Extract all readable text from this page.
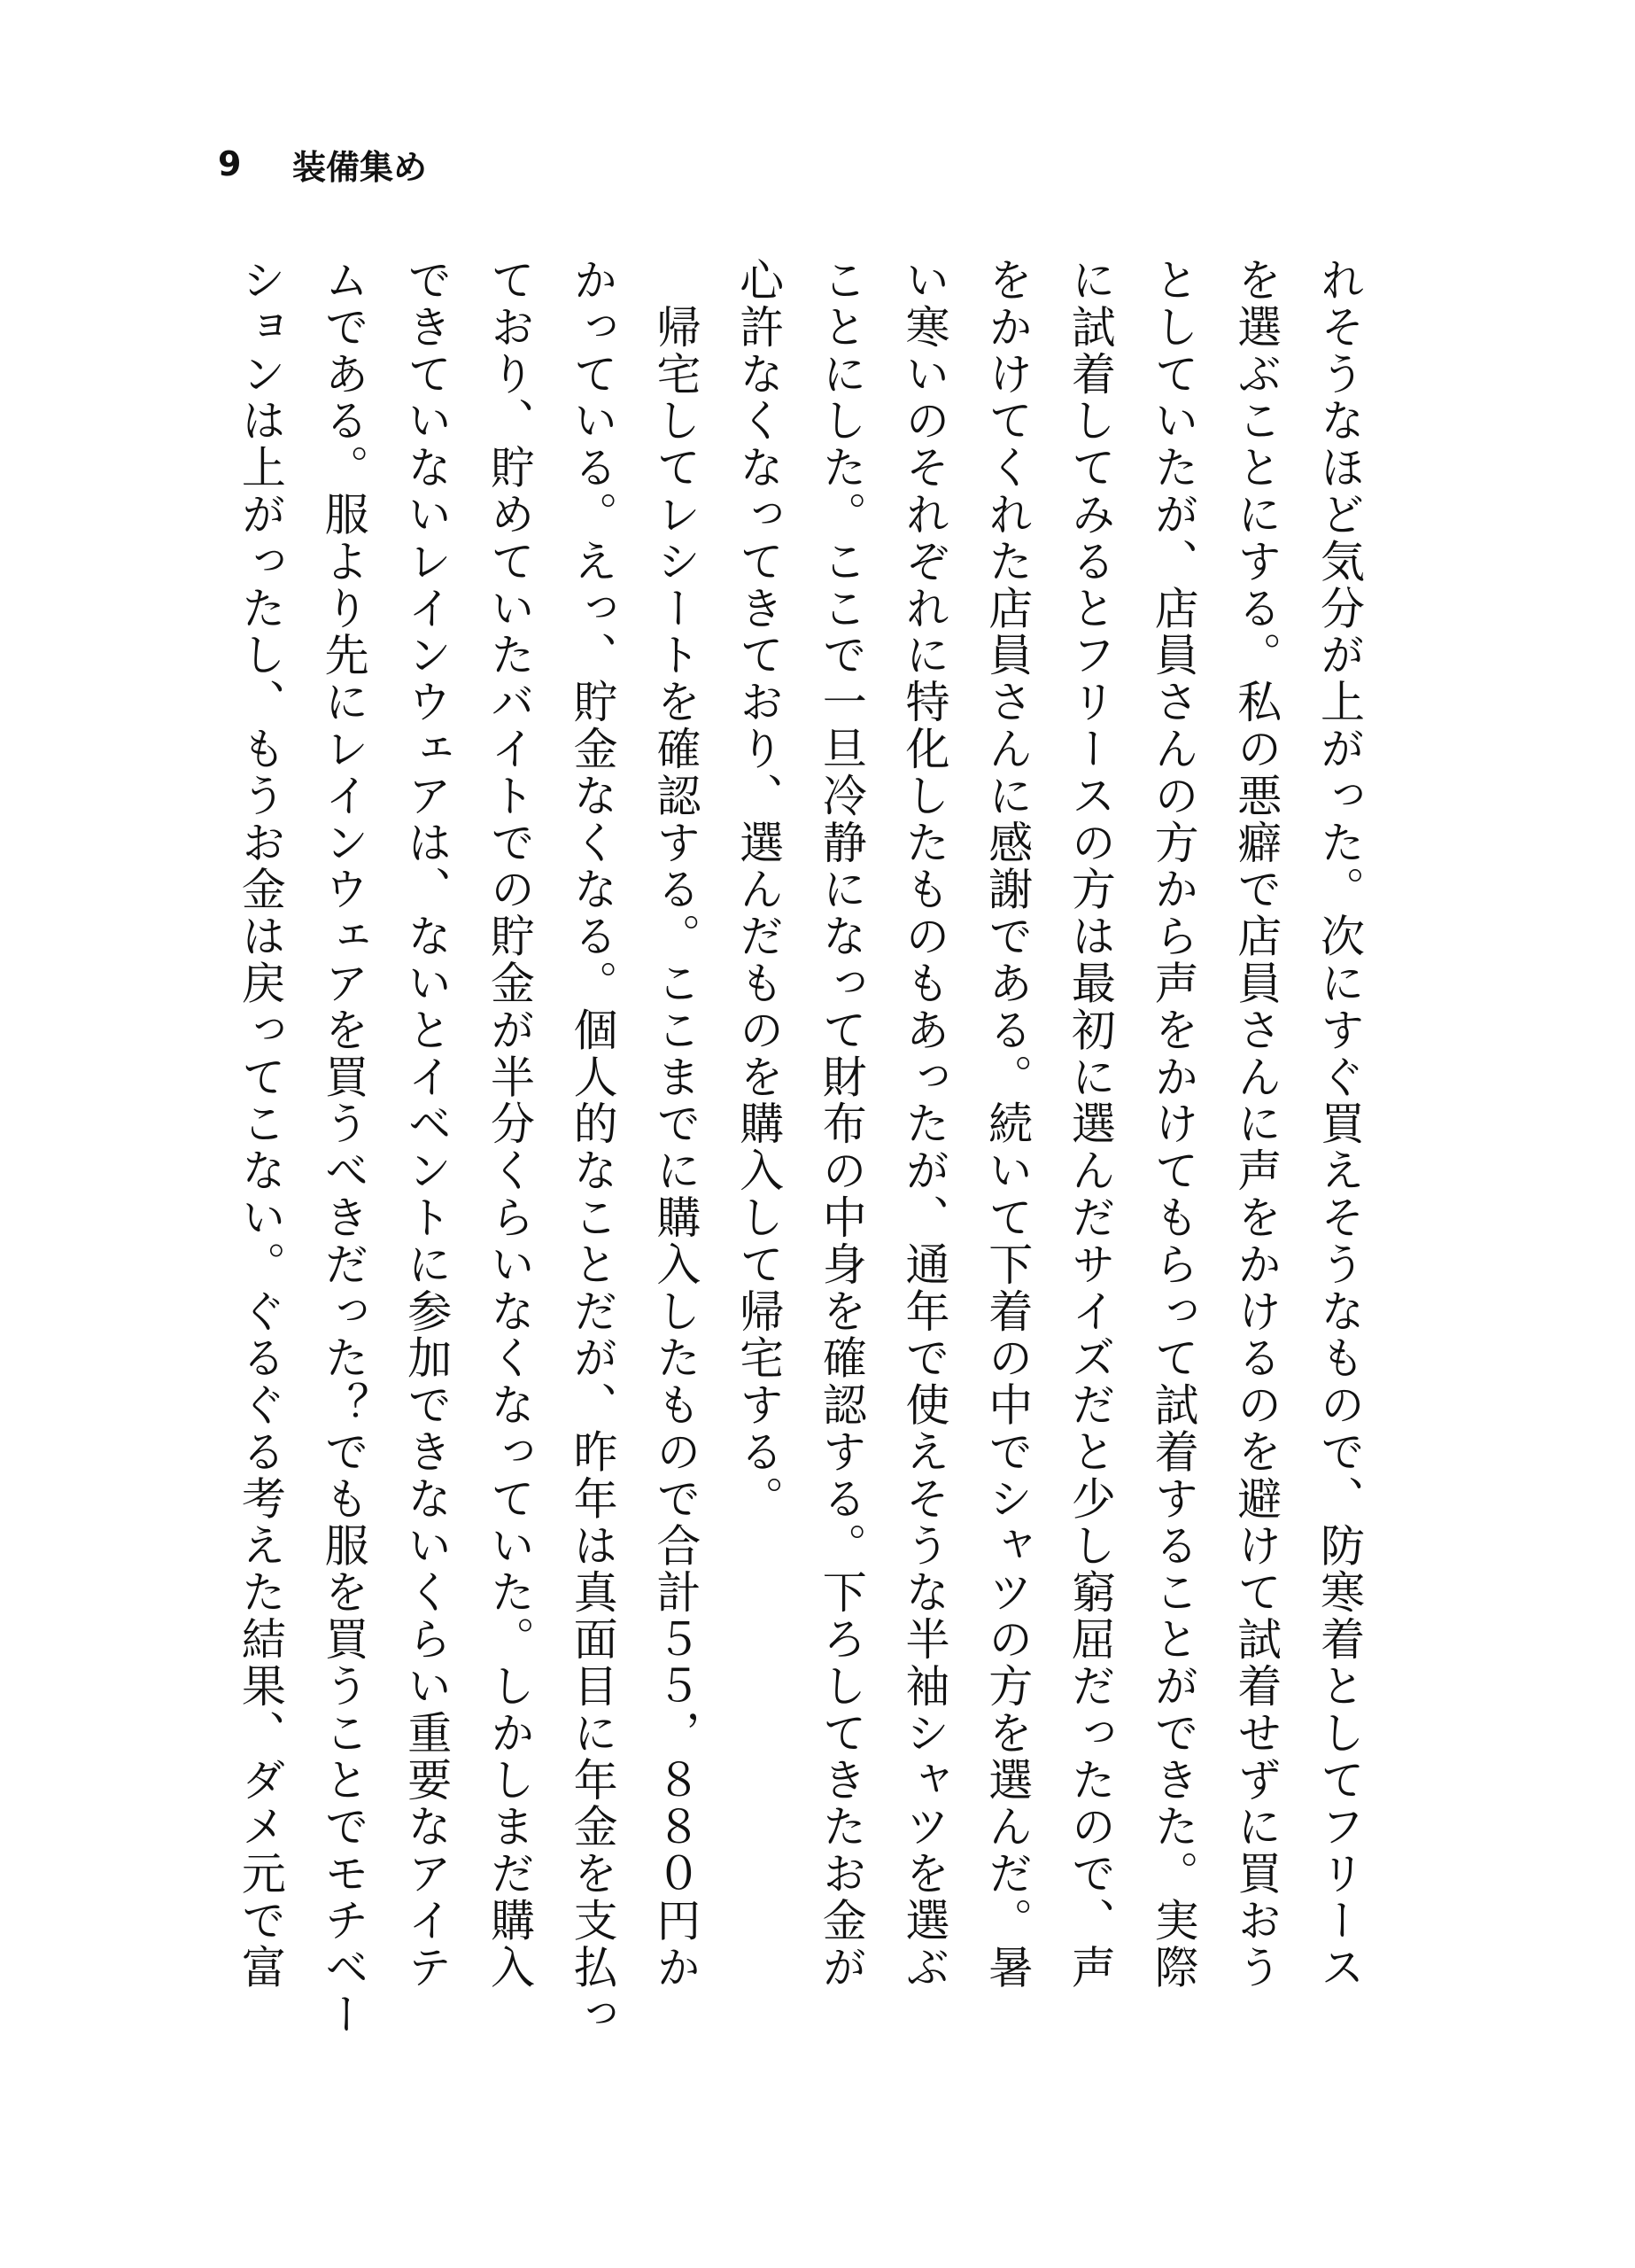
9	装備集め
れそうなほど気分が上がった。次にすぐ買えそうなもので、防寒着としてフリース
を選ぶことにする。私の悪癖で店員さんに声をかけるのを避けて試着せずに買おう
としていたが、店員さんの方から声をかけてもらって試着することができた。実際
に試着してみるとフリースの方は最初に選んだサイズだと少し窮屈だったので、声
をかけてくれた店員さんに感謝である。続いて下着の中でシャツの方を選んだ。暑
い寒いのそれぞれに特化したものもあったが、通年で使えそうな半袖シャツを選ぶ
ことにした。ここで一旦冷静になって財布の中身を確認する。下ろしてきたお金が
心許なくなってきており、選んだものを購入して帰宅する。
　帰宅してレシートを確認する。ここまでに購入したもので合計５５，８８０円か
かっている。えっ、貯金なくなる。個人的なことだが、昨年は真面目に年金を支払っ
ており、貯めていたバイトでの貯金が半分くらいなくなっていた。しかしまだ購入
できていないレインウェアは、ないとイベントに参加できないくらい重要なアイテ
ムである。服より先にレインウェアを買うべきだった？でも服を買うことでモチベー
ションは上がったし、もうお金は戻ってこない。ぐるぐる考えた結果、ダメ元で富
